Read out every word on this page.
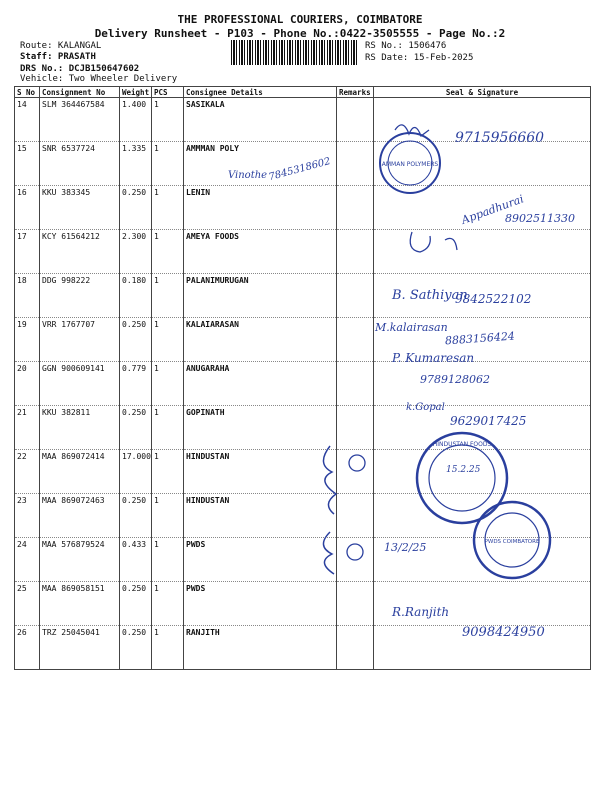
THE PROFESSIONAL COURIERS, COIMBATORE
Delivery Runsheet - P103 - Phone No.:0422-3505555 - Page No.:2
Route: KALANGAL
Staff: PRASATH
DRS No.: DCJB150647602
Vehicle: Two Wheeler Delivery
RS No.: 1506476
RS Date: 15-Feb-2025
S No	Consignment No	Weight	PCS	Consignee Details	Remarks	Seal & Signature
14	SLM 364467584	1.400	1	SASIKALA		
15	SNR 6537724	1.335	1	AMMMAN POLY		
16	KKU 383345	0.250	1	LENIN		
17	KCY 61564212	2.300	1	AMEYA FOODS		
18	DDG 998222	0.180	1	PALANIMURUGAN		
19	VRR 1767707	0.250	1	KALAIARASAN		
20	GGN 900609141	0.779	1	ANUGARAHA		
21	KKU 382811	0.250	1	GOPINATH		
22	MAA 869072414	17.000	1	HINDUSTAN		
23	MAA 869072463	0.250	1	HINDUSTAN		
24	MAA 576879524	0.433	1	PWDS		
25	MAA 869058151	0.250	1	PWDS		
26	TRZ 25045041	0.250	1	RANJITH		
AMMAN POLYMERS
9715956660
Vinothe 7845318602
Appadhurai
8902511330
B. Sathiyan
9842522102
M.kalairasan
8883156424
P. Kumaresan
9789128062
k.Gopal
9629017425
HINDUSTAN FOODS
15.2.25
13/2/25	PWDS COIMBATORE
R.Ranjith
9098424950
